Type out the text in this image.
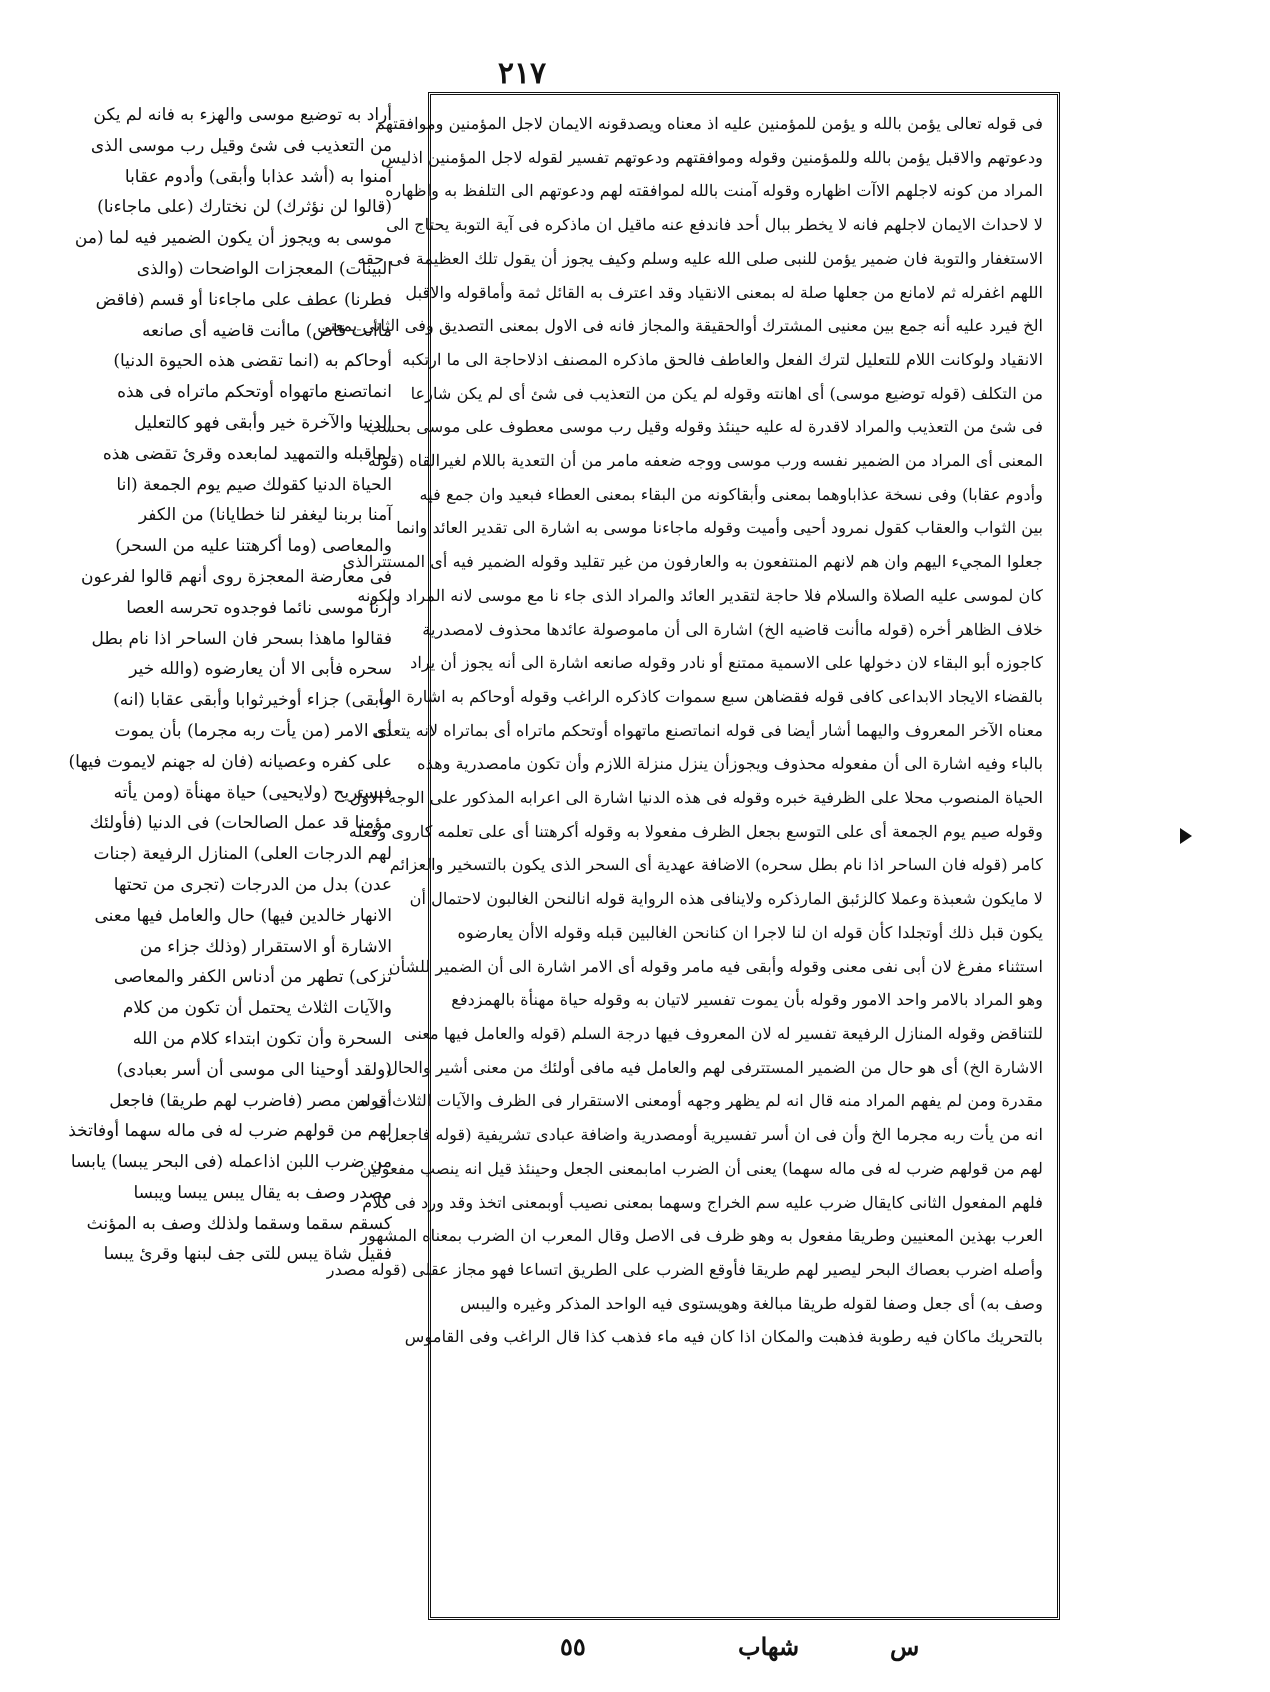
٢١٧
فى قوله تعالى يؤمن بالله و يؤمن للمؤمنين عليه اذ معناه ويصدقونه الايمان لاجل المؤمنين وموافقتهم
ودعوتهم والاقبل يؤمن بالله وللمؤمنين وقوله وموافقتهم ودعوتهم تفسير لقوله لاجل المؤمنين اذليس
المراد من كونه لاجلهم الاآت اظهاره وقوله آمنت بالله لموافقته لهم ودعوتهم الى التلفظ به واظهاره
لا لاحداث الايمان لاجلهم فانه لا يخطر ببال أحد فاندفع عنه ماقيل ان ماذكره فى آية التوبة يحتاج الى
الاستغفار والتوبة فان ضمير يؤمن للنبى صلى الله عليه وسلم وكيف يجوز أن يقول تلك العظيمة فى حقه
اللهم اغفرله ثم لامانع من جعلها صلة له بمعنى الانقياد وقد اعترف به القائل ثمة وأماقوله والاقبل
الخ فيرد عليه أنه جمع بين معنيى المشترك أوالحقيقة والمجاز فانه فى الاول بمعنى التصديق وفى الثانى بمعنى
الانقياد ولوكانت اللام للتعليل لترك الفعل والعاطف فالحق ماذكره المصنف اذلاحاجة الى ما ارتكبه
من التكلف (قوله توضيع موسى) أى اهانته وقوله لم يكن من التعذيب فى شئ أى لم يكن شارعا
فى شئ من التعذيب والمراد لاقدرة له عليه حينئذ وقوله وقيل رب موسى معطوف على موسى بحسب
المعنى أى المراد من الضمير نفسه ورب موسى ووجه ضعفه مامر من أن التعدية باللام لغيرالقاه (قوله
وأدوم عقابا) وفى نسخة عذاباوهما بمعنى وأبقاكونه من البقاء بمعنى العطاء فبعيد وان جمع فيه
بين الثواب والعقاب كقول نمرود أحيى وأميت وقوله ماجاءنا موسى به اشارة الى تقدير العائد وانما
جعلوا المجيء اليهم وان هم لانهم المنتفعون به والعارفون من غير تقليد وقوله الضمير فيه أى المستترالذى
كان لموسى عليه الصلاة والسلام فلا حاجة لتقدير العائد والمراد الذى جاء نا مع موسى لانه المراد ولكونه
خلاف الظاهر أخره (قوله ماأنت قاضيه الخ) اشارة الى أن ماموصولة عائدها محذوف لامصدرية
كاجوزه أبو البقاء لان دخولها على الاسمية ممتنع أو نادر وقوله صانعه اشارة الى أنه يجوز أن يراد
بالقضاء الايجاد الابداعى كافى قوله فقضاهن سبع سموات كاذكره الراغب وقوله أوحاكم به اشارة الى
معناه الآخر المعروف واليهما أشار أيضا فى قوله انماتصنع ماتهواه أوتحكم ماتراه أى بماتراه لانه يتعدى
بالباء وفيه اشارة الى أن مفعوله محذوف ويجوزأن ينزل منزلة اللازم وأن تكون مامصدرية وهذه
الحياة المنصوب محلا على الظرفية خبره وقوله فى هذه الدنيا اشارة الى اعرابه المذكور على الوجه الاول
وقوله صيم يوم الجمعة أى على التوسع بجعل الظرف مفعولا به وقوله أكرهتنا أى على تعلمه كاروى وفعله
كامر (قوله فان الساحر اذا نام بطل سحره) الاضافة عهدية أى السحر الذى يكون بالتسخير والعزائم
لا مايكون شعبذة وعملا كالزئبق المارذكره ولاينافى هذه الرواية قوله انالنحن الغالبون لاحتمال أن
يكون قبل ذلك أوتجلدا كأن قوله ان لنا لاجرا ان كنانحن الغالبين قبله وقوله الاأن يعارضوه
استثناء مفرغ لان أبى نفى معنى وقوله وأبقى فيه مامر وقوله أى الامر اشارة الى أن الضمير للشأن
وهو المراد بالامر واحد الامور وقوله بأن يموت تفسير لاتيان به وقوله حياة مهنأة بالهمزدفع
للتناقض وقوله المنازل الرفيعة تفسير له لان المعروف فيها درجة السلم (قوله والعامل فيها معنى
الاشارة الخ) أى هو حال من الضمير المستترفى لهم والعامل فيه مافى أولئك من معنى أشير والحال
مقدرة ومن لم يفهم المراد منه قال انه لم يظهر وجهه أومعنى الاستقرار فى الظرف والآيات الثلاث قوله
انه من يأت ربه مجرما الخ وأن فى ان أسر تفسيرية أومصدرية واضافة عبادى تشريفية (قوله فاجعل
لهم من قولهم ضرب له فى ماله سهما) يعنى أن الضرب امابمعنى الجعل وحينئذ قيل انه ينصب مفعولين
فلهم المفعول الثانى كايقال ضرب عليه سم الخراج وسهما بمعنى نصيب أوبمعنى اتخذ وقد ورد فى كلام
العرب بهذين المعنيين وطريقا مفعول به وهو ظرف فى الاصل وقال المعرب ان الضرب بمعناه المشهور
وأصله اضرب بعصاك البحر ليصير لهم طريقا فأوقع الضرب على الطريق اتساعا فهو مجاز عقلى (قوله مصدر
وصف به) أى جعل وصفا لقوله طريقا مبالغة وهويستوى فيه الواحد المذكر وغيره واليبس
بالتحريك ماكان فيه رطوبة فذهبت والمكان اذا كان فيه ماء فذهب كذا قال الراغب وفى القاموس
أراد به توضيع موسى والهزء به فانه لم يكن
من التعذيب فى شئ وقيل رب موسى الذى
آمنوا به (أشد عذابا وأبقى) وأدوم عقابا
(قالوا لن نؤثرك) لن نختارك (على ماجاءنا)
موسى به ويجوز أن يكون الضمير فيه لما (من
البينات) المعجزات الواضحات (والذى
فطرنا) عطف على ماجاءنا أو قسم (فاقض
ماأنت قاض) ماأنت قاضيه أى صانعه
أوحاكم به (انما تقضى هذه الحيوة الدنيا)
انماتصنع ماتهواه أوتحكم ماتراه فى هذه
الدنيا والآخرة خير وأبقى فهو كالتعليل
لماقبله والتمهيد لمابعده وقرئ تقضى هذه
الحياة الدنيا كقولك صيم يوم الجمعة (انا
آمنا بربنا ليغفر لنا خطايانا) من الكفر
والمعاصى (وما أكرهتنا عليه من السحر)
فى معارضة المعجزة روى أنهم قالوا لفرعون
أرنا موسى نائما فوجدوه تحرسه العصا
فقالوا ماهذا بسحر فان الساحر اذا نام بطل
سحره فأبى الا أن يعارضوه (والله خير
وأبقى) جزاء أوخيرثوابا وأبقى عقابا (انه)
أى الامر (من يأت ربه مجرما) بأن يموت
على كفره وعصيانه (فان له جهنم لايموت فيها)
فيستريح (ولايحيى) حياة مهنأة (ومن يأته
مؤمنا قد عمل الصالحات) فى الدنيا (فأولئك
لهم الدرجات العلى) المنازل الرفيعة (جنات
عدن) بدل من الدرجات (تجرى من تحتها
الانهار خالدين فيها) حال والعامل فيها معنى
الاشارة أو الاستقرار (وذلك جزاء من
تزكى) تطهر من أدناس الكفر والمعاصى
والآيات الثلاث يحتمل أن تكون من كلام
السحرة وأن تكون ابتداء كلام من الله
(ولقد أوحينا الى موسى أن أسر بعبادى)
أى من مصر (فاضرب لهم طريقا) فاجعل
لهم من قولهم ضرب له فى ماله سهما أوفاتخذ
من ضرب اللبن اذاعمله (فى البحر يبسا) يابسا
مصدر وصف به يقال يبس يبسا ويبسا
كسقم سقما وسقما ولذلك وصف به المؤنث
فقيل شاة يبس للتى جف لبنها وقرئ يبسا
٥٥	شهاب	س
